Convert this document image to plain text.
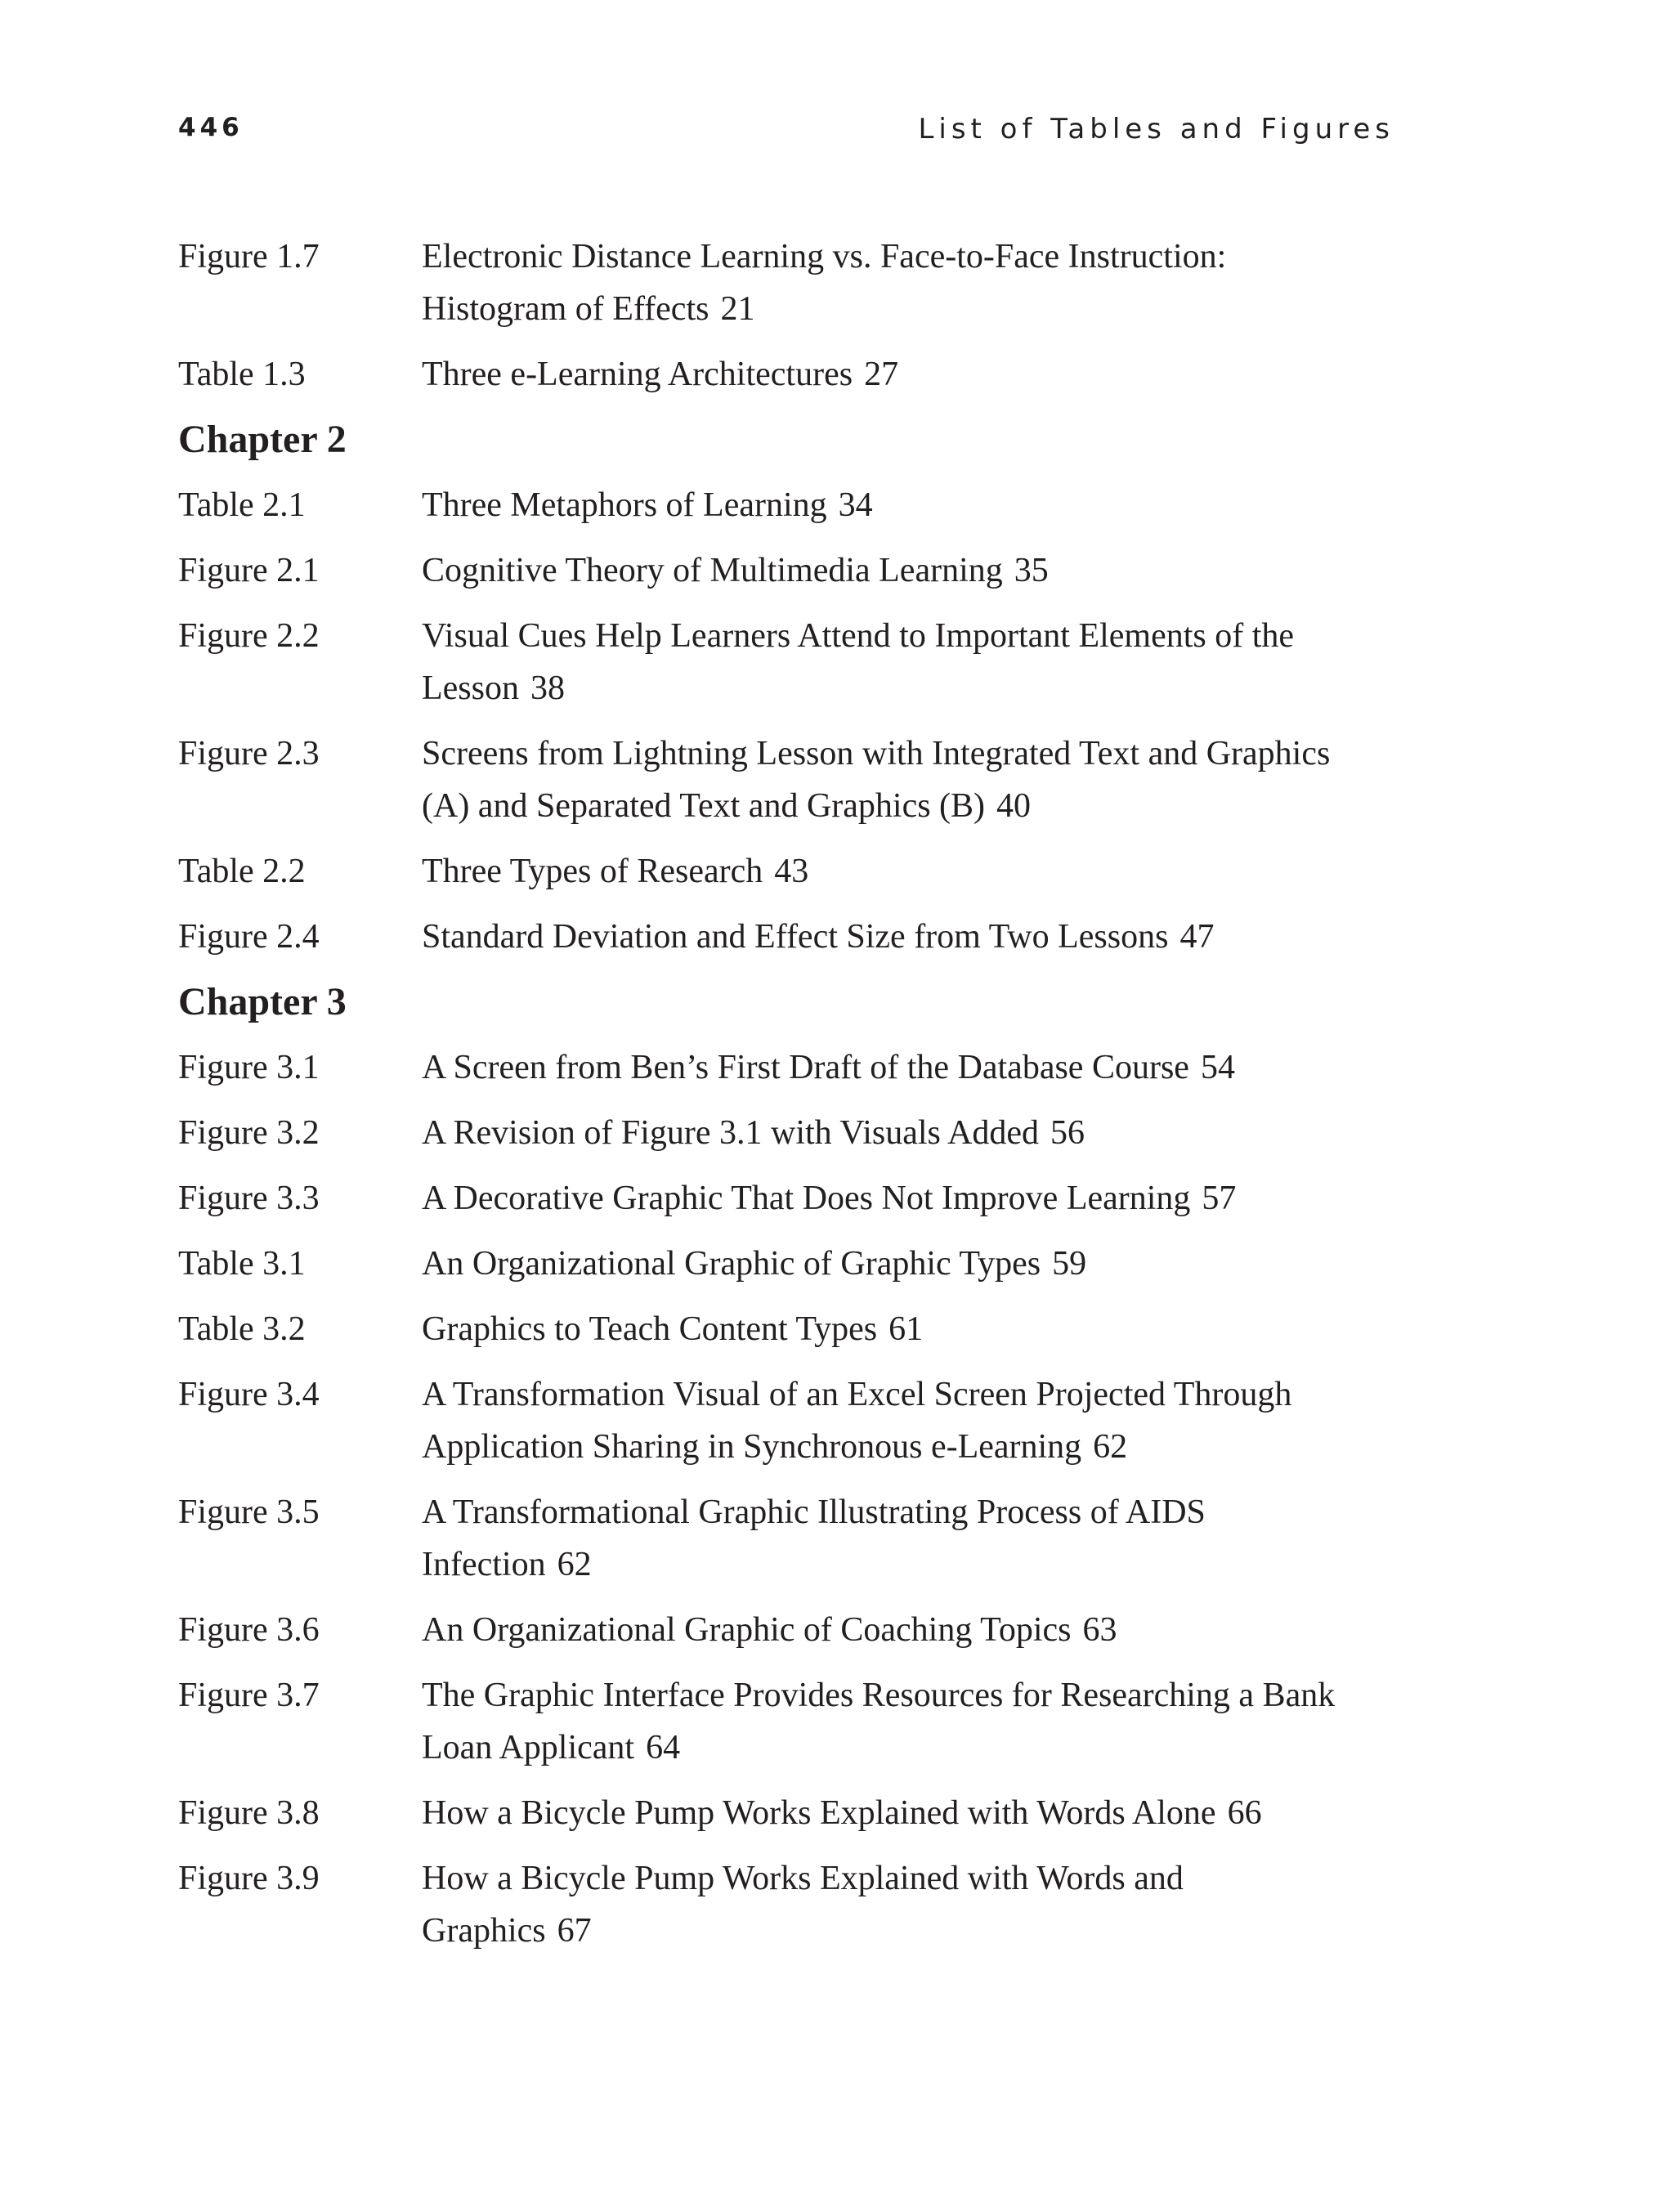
446	List of Tables and Figures
Figure 1.7	Electronic Distance Learning vs. Face-to-Face Instruction: Histogram of Effects 21
Table 1.3	Three e-Learning Architectures 27
Chapter 2
Table 2.1	Three Metaphors of Learning 34
Figure 2.1	Cognitive Theory of Multimedia Learning 35
Figure 2.2	Visual Cues Help Learners Attend to Important Elements of the Lesson 38
Figure 2.3	Screens from Lightning Lesson with Integrated Text and Graphics (A) and Separated Text and Graphics (B) 40
Table 2.2	Three Types of Research 43
Figure 2.4	Standard Deviation and Effect Size from Two Lessons 47
Chapter 3
Figure 3.1	A Screen from Ben’s First Draft of the Database Course 54
Figure 3.2	A Revision of Figure 3.1 with Visuals Added 56
Figure 3.3	A Decorative Graphic That Does Not Improve Learning 57
Table 3.1	An Organizational Graphic of Graphic Types 59
Table 3.2	Graphics to Teach Content Types 61
Figure 3.4	A Transformation Visual of an Excel Screen Projected Through Application Sharing in Synchronous e-Learning 62
Figure 3.5	A Transformational Graphic Illustrating Process of AIDS Infection 62
Figure 3.6	An Organizational Graphic of Coaching Topics 63
Figure 3.7	The Graphic Interface Provides Resources for Researching a Bank Loan Applicant 64
Figure 3.8	How a Bicycle Pump Works Explained with Words Alone 66
Figure 3.9	How a Bicycle Pump Works Explained with Words and Graphics 67
